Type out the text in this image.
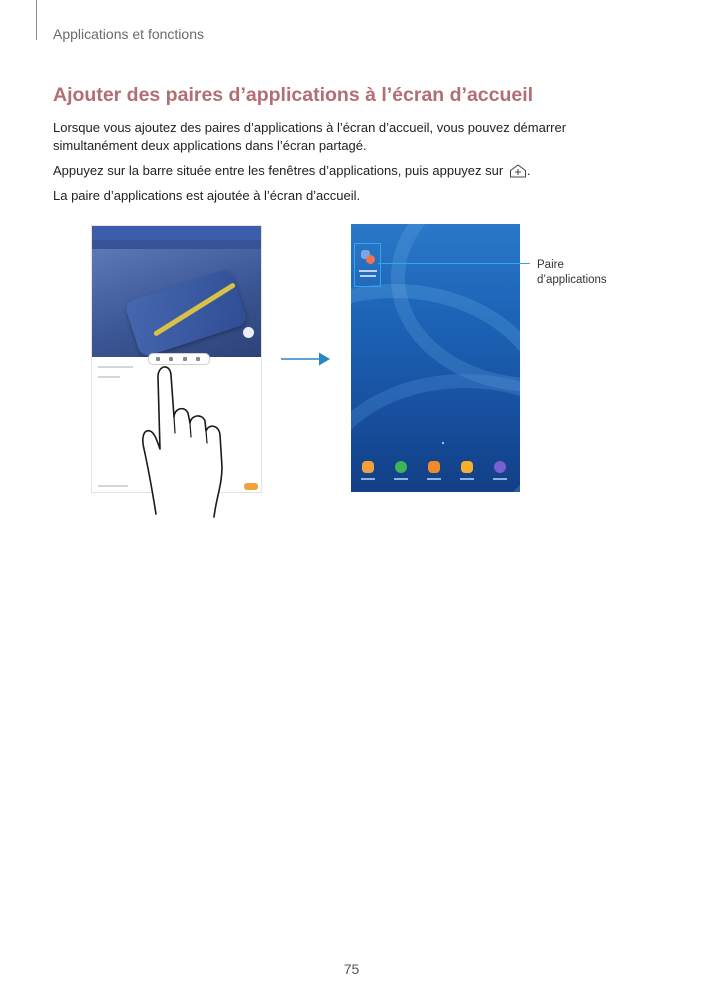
Applications et fonctions
Ajouter des paires d’applications à l’écran d’accueil

Lorsque vous ajoutez des paires d’applications à l’écran d’accueil, vous pouvez démarrer simultanément deux applications dans l’écran partagé.

Appuyez sur la barre située entre les fenêtres d’applications, puis appuyez sur .

La paire d’applications est ajoutée à l’écran d’accueil.

Paire
d’applications
75
